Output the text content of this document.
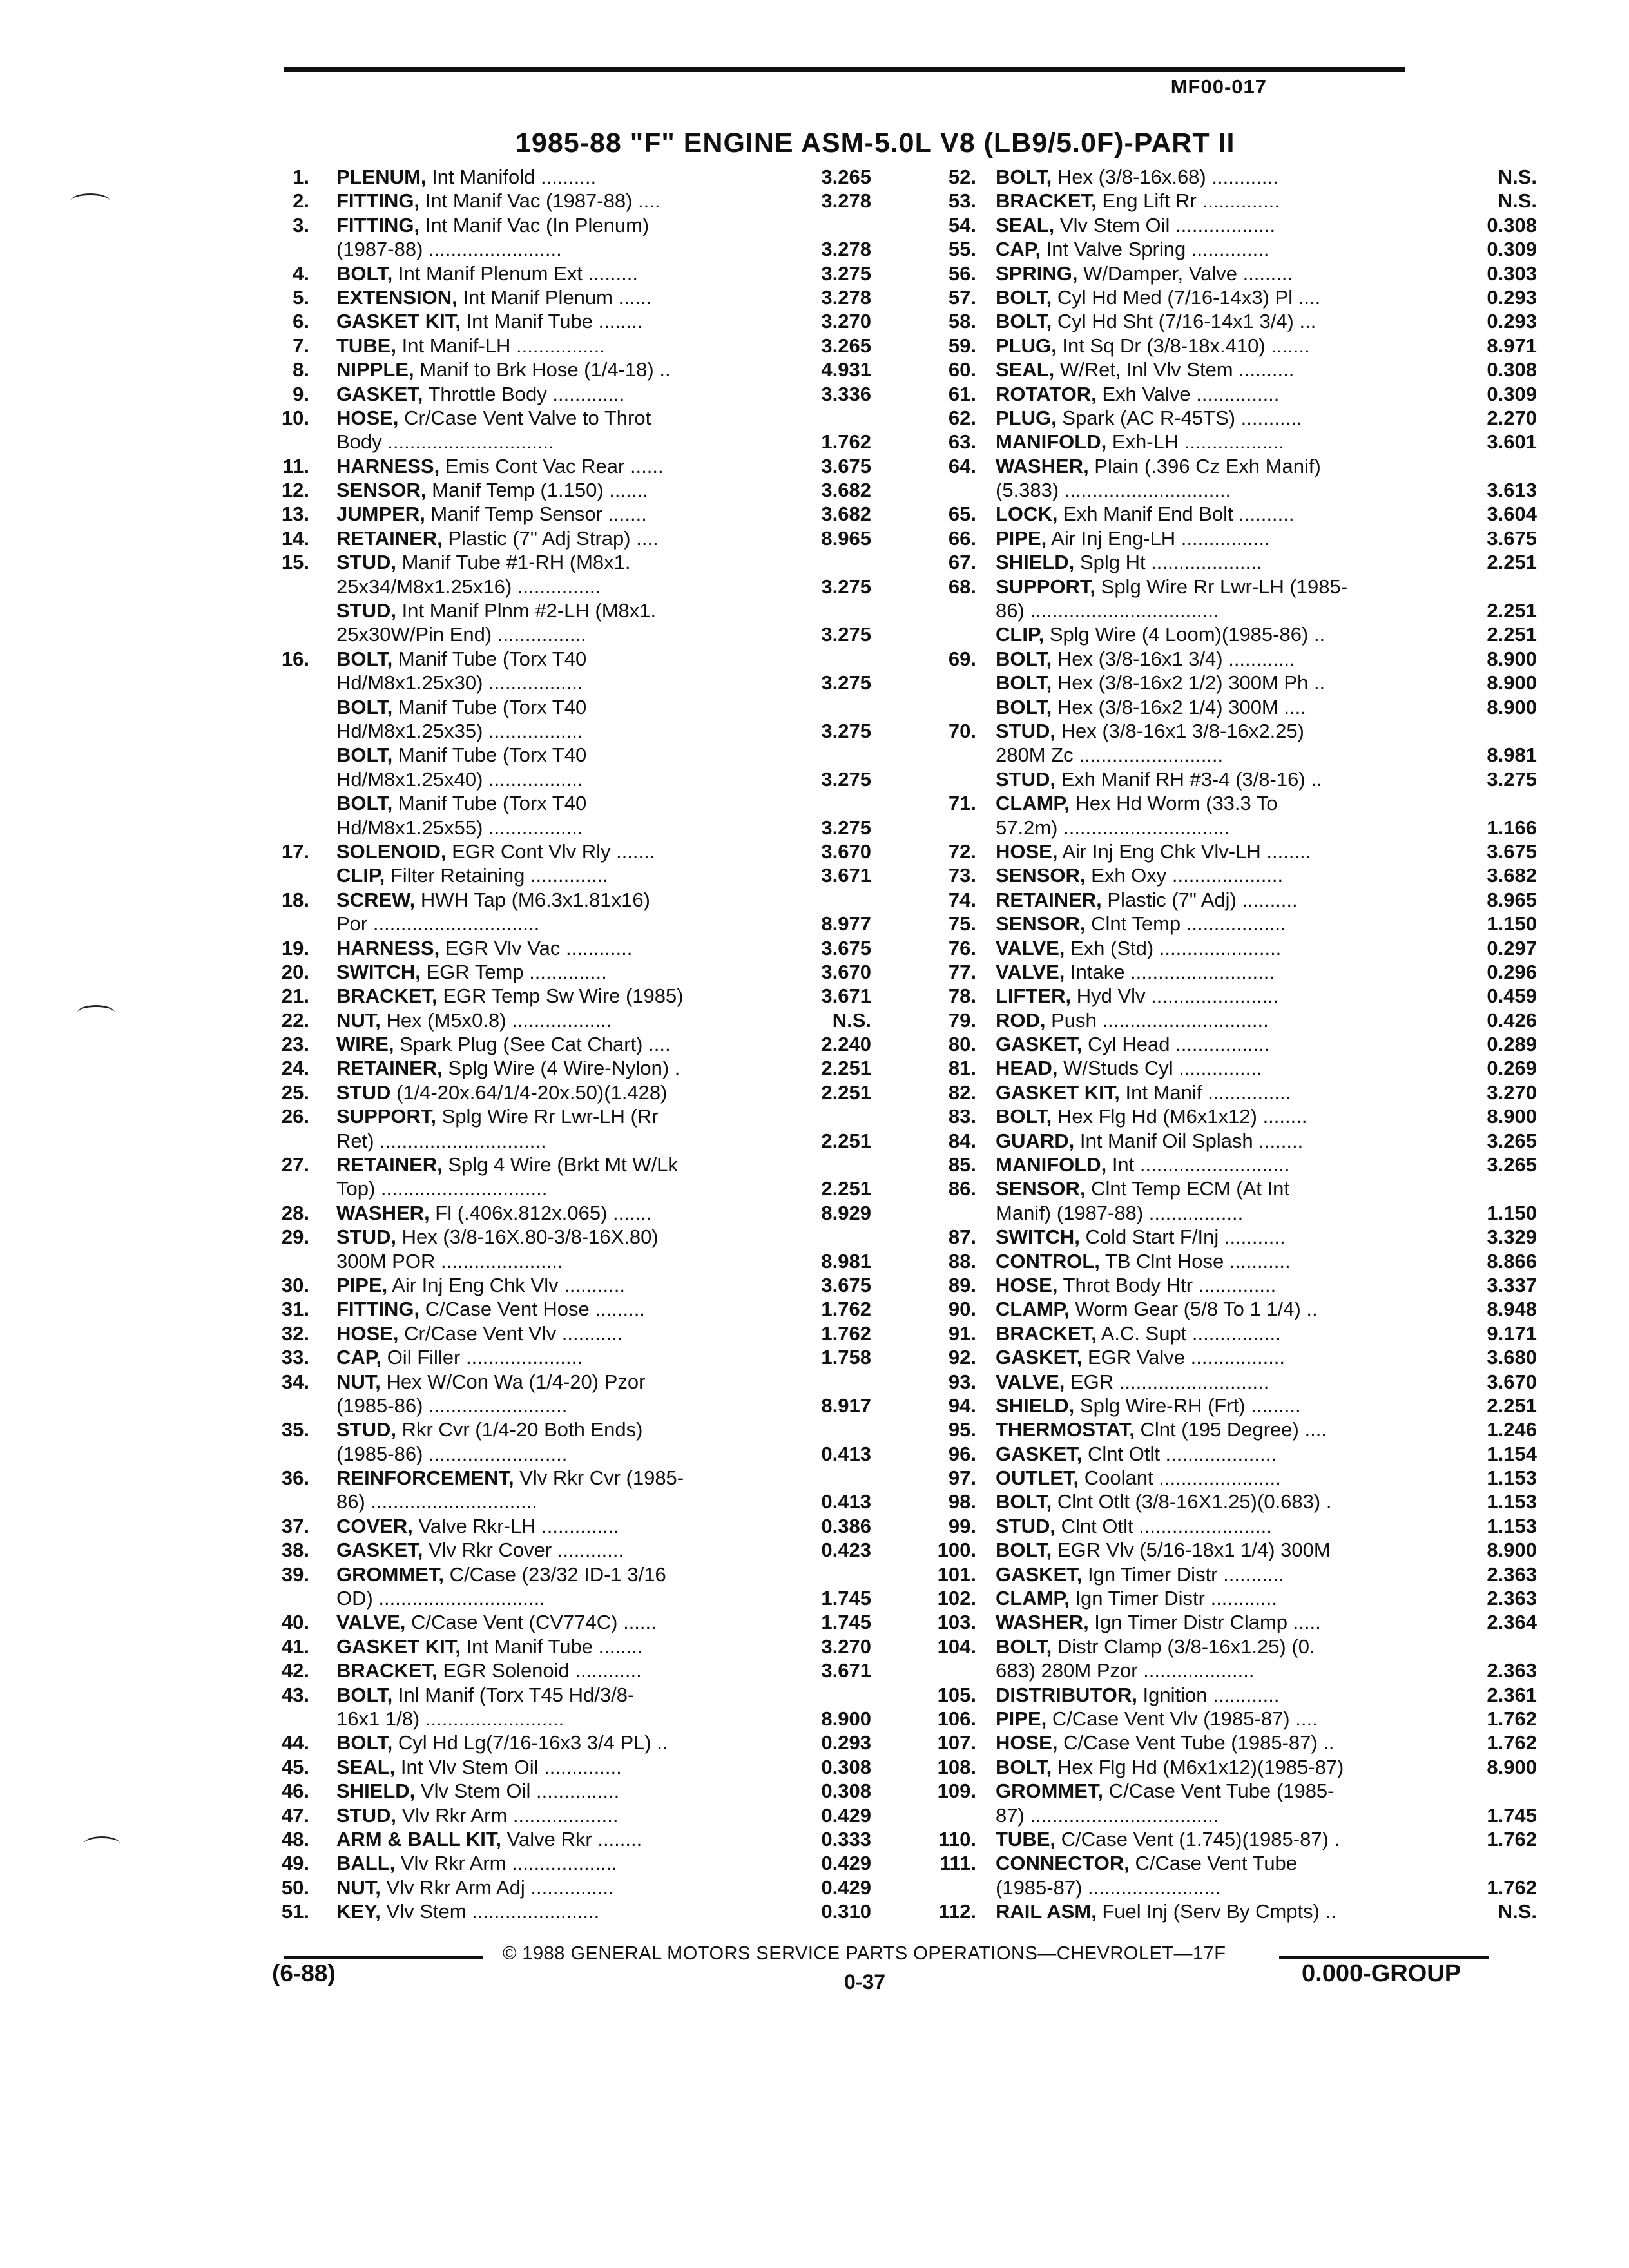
MF00-017
1985-88 "F" ENGINE ASM-5.0L V8 (LB9/5.0F)-PART II
1. PLENUM, Int Manifold ..........	3.265
2. FITTING, Int Manif Vac (1987-88) ....	3.278
3. FITTING, Int Manif Vac (In Plenum)
(1987-88) ........................	3.278
4. BOLT, Int Manif Plenum Ext .........	3.275
5. EXTENSION, Int Manif Plenum ......	3.278
6. GASKET KIT, Int Manif Tube ........	3.270
7. TUBE, Int Manif-LH ................	3.265
8. NIPPLE, Manif to Brk Hose (1/4-18) ..	4.931
9. GASKET, Throttle Body .............	3.336
10. HOSE, Cr/Case Vent Valve to Throt
Body ..............................	1.762
11. HARNESS, Emis Cont Vac Rear ......	3.675
12. SENSOR, Manif Temp (1.150) .......	3.682
13. JUMPER, Manif Temp Sensor .......	3.682
14. RETAINER, Plastic (7" Adj Strap) ....	8.965
15. STUD, Manif Tube #1-RH (M8x1.
25x34/M8x1.25x16) ...............	3.275
STUD, Int Manif Plnm #2-LH (M8x1.
25x30W/Pin End) ................	3.275
16. BOLT, Manif Tube (Torx T40
Hd/M8x1.25x30) .................	3.275
BOLT, Manif Tube (Torx T40
Hd/M8x1.25x35) .................	3.275
BOLT, Manif Tube (Torx T40
Hd/M8x1.25x40) .................	3.275
BOLT, Manif Tube (Torx T40
Hd/M8x1.25x55) .................	3.275
17. SOLENOID, EGR Cont Vlv Rly .......	3.670
CLIP, Filter Retaining ..............	3.671
18. SCREW, HWH Tap (M6.3x1.81x16)
Por ..............................	8.977
19. HARNESS, EGR Vlv Vac ............	3.675
20. SWITCH, EGR Temp ..............	3.670
21. BRACKET, EGR Temp Sw Wire (1985)	3.671
22. NUT, Hex (M5x0.8) ..................	N.S.
23. WIRE, Spark Plug (See Cat Chart) ....	2.240
24. RETAINER, Splg Wire (4 Wire-Nylon) .	2.251
25. STUD (1/4-20x.64/1/4-20x.50)(1.428)	2.251
26. SUPPORT, Splg Wire Rr Lwr-LH (Rr
Ret) ..............................	2.251
27. RETAINER, Splg 4 Wire (Brkt Mt W/Lk
Top) ..............................	2.251
28. WASHER, Fl (.406x.812x.065) .......	8.929
29. STUD, Hex (3/8-16X.80-3/8-16X.80)
300M POR ......................	8.981
30. PIPE, Air Inj Eng Chk Vlv ...........	3.675
31. FITTING, C/Case Vent Hose .........	1.762
32. HOSE, Cr/Case Vent Vlv ...........	1.762
33. CAP, Oil Filler .....................	1.758
34. NUT, Hex W/Con Wa (1/4-20) Pzor
(1985-86) .........................	8.917
35. STUD, Rkr Cvr (1/4-20 Both Ends)
(1985-86) .........................	0.413
36. REINFORCEMENT, Vlv Rkr Cvr (1985-
86) ..............................	0.413
37. COVER, Valve Rkr-LH ..............	0.386
38. GASKET, Vlv Rkr Cover ............	0.423
39. GROMMET, C/Case (23/32 ID-1 3/16
OD) ..............................	1.745
40. VALVE, C/Case Vent (CV774C) ......	1.745
41. GASKET KIT, Int Manif Tube ........	3.270
42. BRACKET, EGR Solenoid ............	3.671
43. BOLT, Inl Manif (Torx T45 Hd/3/8-
16x1 1/8) .........................	8.900
44. BOLT, Cyl Hd Lg(7/16-16x3 3/4 PL) ..	0.293
45. SEAL, Int Vlv Stem Oil ..............	0.308
46. SHIELD, Vlv Stem Oil ...............	0.308
47. STUD, Vlv Rkr Arm ...................	0.429
48. ARM & BALL KIT, Valve Rkr ........	0.333
49. BALL, Vlv Rkr Arm ...................	0.429
50. NUT, Vlv Rkr Arm Adj ...............	0.429
51. KEY, Vlv Stem .......................	0.310
52. BOLT, Hex (3/8-16x.68) ............	N.S.
53. BRACKET, Eng Lift Rr ..............	N.S.
54. SEAL, Vlv Stem Oil ..................	0.308
55. CAP, Int Valve Spring ..............	0.309
56. SPRING, W/Damper, Valve .........	0.303
57. BOLT, Cyl Hd Med (7/16-14x3) Pl ....	0.293
58. BOLT, Cyl Hd Sht (7/16-14x1 3/4) ...	0.293
59. PLUG, Int Sq Dr (3/8-18x.410) .......	8.971
60. SEAL, W/Ret, Inl Vlv Stem ..........	0.308
61. ROTATOR, Exh Valve ...............	0.309
62. PLUG, Spark (AC R-45TS) ...........	2.270
63. MANIFOLD, Exh-LH ..................	3.601
64. WASHER, Plain (.396 Cz Exh Manif)
(5.383) ..............................	3.613
65. LOCK, Exh Manif End Bolt ..........	3.604
66. PIPE, Air Inj Eng-LH ................	3.675
67. SHIELD, Splg Ht ....................	2.251
68. SUPPORT, Splg Wire Rr Lwr-LH (1985-
86) ..................................	2.251
CLIP, Splg Wire (4 Loom)(1985-86) ..	2.251
69. BOLT, Hex (3/8-16x1 3/4) ............	8.900
BOLT, Hex (3/8-16x2 1/2) 300M Ph ..	8.900
BOLT, Hex (3/8-16x2 1/4) 300M ....	8.900
70. STUD, Hex (3/8-16x1 3/8-16x2.25)
280M Zc ..........................	8.981
STUD, Exh Manif RH #3-4 (3/8-16) ..	3.275
71. CLAMP, Hex Hd Worm (33.3 To
57.2m) ..............................	1.166
72. HOSE, Air Inj Eng Chk Vlv-LH ........	3.675
73. SENSOR, Exh Oxy ....................	3.682
74. RETAINER, Plastic (7" Adj) ..........	8.965
75. SENSOR, Clnt Temp ..................	1.150
76. VALVE, Exh (Std) ......................	0.297
77. VALVE, Intake ..........................	0.296
78. LIFTER, Hyd Vlv .......................	0.459
79. ROD, Push ..............................	0.426
80. GASKET, Cyl Head .................	0.289
81. HEAD, W/Studs Cyl ...............	0.269
82. GASKET KIT, Int Manif ...............	3.270
83. BOLT, Hex Flg Hd (M6x1x12) ........	8.900
84. GUARD, Int Manif Oil Splash ........	3.265
85. MANIFOLD, Int ...........................	3.265
86. SENSOR, Clnt Temp ECM (At Int
Manif) (1987-88) .................	1.150
87. SWITCH, Cold Start F/Inj ...........	3.329
88. CONTROL, TB Clnt Hose ...........	8.866
89. HOSE, Throt Body Htr ..............	3.337
90. CLAMP, Worm Gear (5/8 To 1 1/4) ..	8.948
91. BRACKET, A.C. Supt ................	9.171
92. GASKET, EGR Valve .................	3.680
93. VALVE, EGR ...........................	3.670
94. SHIELD, Splg Wire-RH (Frt) .........	2.251
95. THERMOSTAT, Clnt (195 Degree) ....	1.246
96. GASKET, Clnt Otlt ....................	1.154
97. OUTLET, Coolant ......................	1.153
98. BOLT, Clnt Otlt (3/8-16X1.25)(0.683) .	1.153
99. STUD, Clnt Otlt ........................	1.153
100. BOLT, EGR Vlv (5/16-18x1 1/4) 300M	8.900
101. GASKET, Ign Timer Distr ...........	2.363
102. CLAMP, Ign Timer Distr ............	2.363
103. WASHER, Ign Timer Distr Clamp .....	2.364
104. BOLT, Distr Clamp (3/8-16x1.25) (0.
683) 280M Pzor ....................	2.363
105. DISTRIBUTOR, Ignition ............	2.361
106. PIPE, C/Case Vent Vlv (1985-87) ....	1.762
107. HOSE, C/Case Vent Tube (1985-87) ..	1.762
108. BOLT, Hex Flg Hd (M6x1x12)(1985-87)	8.900
109. GROMMET, C/Case Vent Tube (1985-
87) ..................................	1.745
110. TUBE, C/Case Vent (1.745)(1985-87) .	1.762
111. CONNECTOR, C/Case Vent Tube
(1985-87) ........................	1.762
112. RAIL ASM, Fuel Inj (Serv By Cmpts) ..	N.S.
© 1988 GENERAL MOTORS SERVICE PARTS OPERATIONS—CHEVROLET—17F
(6-88)	0-37	0.000-GROUP
